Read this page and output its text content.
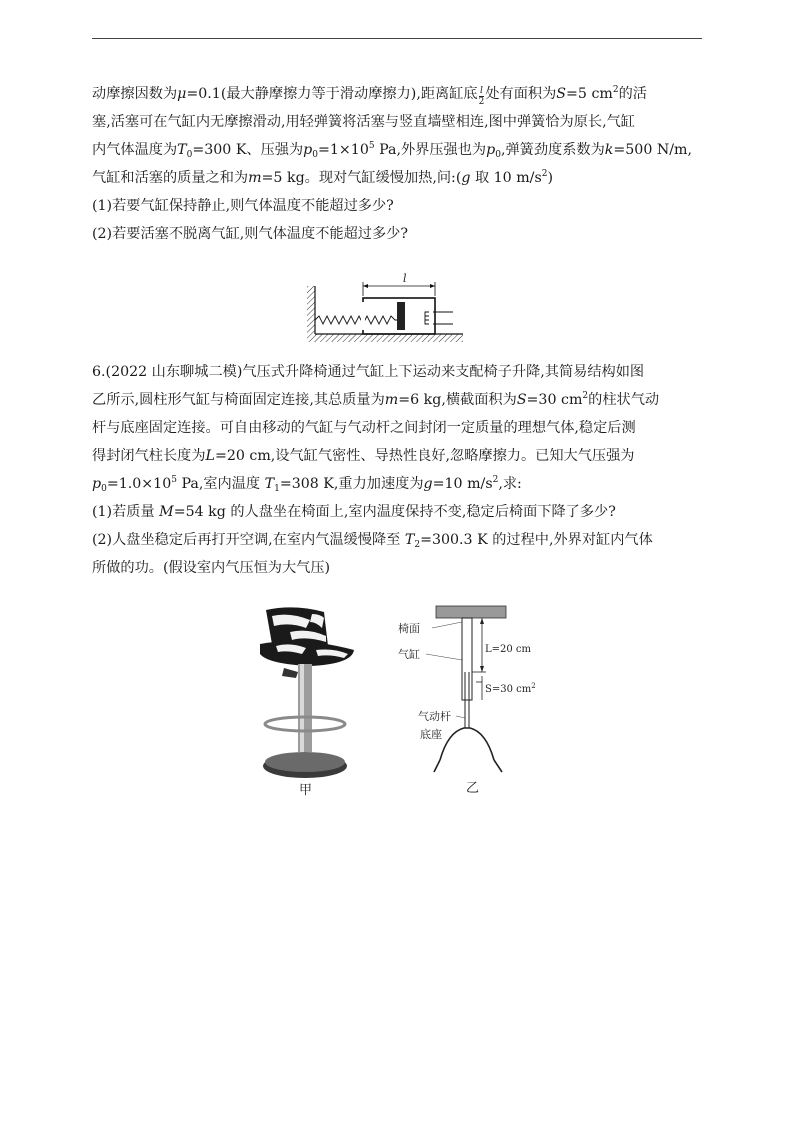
动摩擦因数为μ=0.1(最大静摩擦力等于滑动摩擦力),距离缸底 $\frac{l}{2}$ 处有面积为S=5 $cm^2$的活
塞,活塞可在气缸内无摩擦滑动,用轻弹簧将活塞与竖直墙壁相连,图中弹簧恰为原长,气缸
内气体温度为$T_0=300$ K、压强为$p_0=1\times 10^5$ Pa,外界压强也为$p_0$,弹簧劲度系数为k=500 N/m,
气缸和活塞的质量之和为m=5 kg。现对气缸缓慢加热,问:(g 取 10 $m/s^2$)
(1)若要气缸保持静止,则气体温度不能超过多少?
(2)若要活塞不脱离气缸,则气体温度不能超过多少?
l
6.(2022 山东聊城二模)气压式升降椅通过气缸上下运动来支配椅子升降,其简易结构如图
乙所示,圆柱形气缸与椅面固定连接,其总质量为m=6 kg,横截面积为S=30 $cm^2$的柱状气动
杆与底座固定连接。可自由移动的气缸与气动杆之间封闭一定质量的理想气体,稳定后测
得封闭气柱长度为L=20 cm,设气缸气密性、导热性良好,忽略摩擦力。已知大气压强为
$p_0=1.0\times 10^5$ Pa,室内温度 $T_1=308$ K,重力加速度为g=10 $m/s^2$,求:
(1)若质量 M=54 kg 的人盘坐在椅面上,室内温度保持不变,稳定后椅面下降了多少?
(2)人盘坐稳定后再打开空调,在室内气温缓慢降至 $T_2=300.3$ K 的过程中,外界对缸内气体
所做的功。(假设室内气压恒为大气压)
甲
椅面
气缸	L=20 cm
S=30 $cm^2$
气动杆
底座
乙
